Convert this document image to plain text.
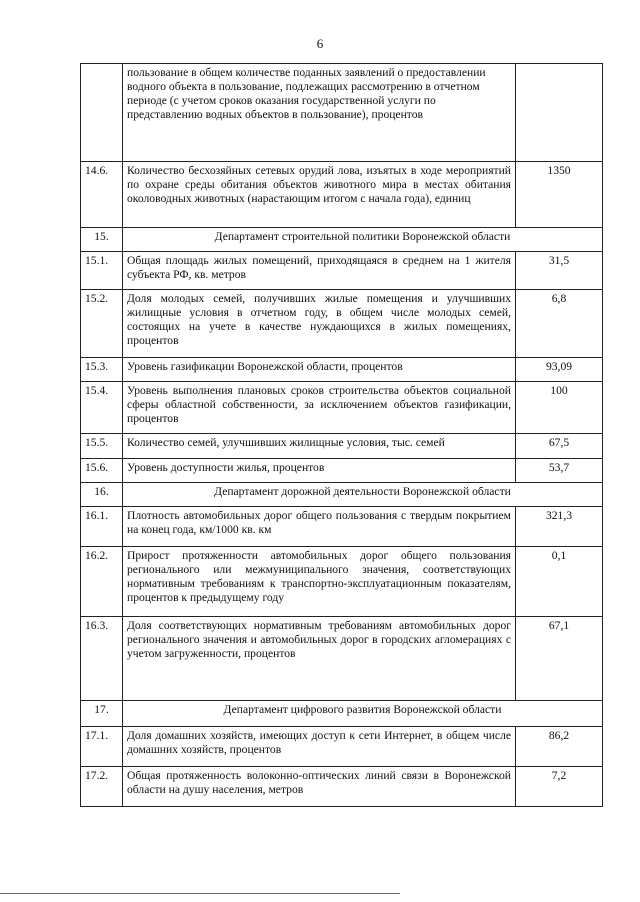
6
	пользование в общем количестве поданных заявлений о предоставлении водного объекта в пользование, подлежащих рассмотрению в отчетном периоде (с учетом сроков оказания государственной услуги по представлению водных объектов в пользование), процентов	
14.6.	Количество бесхозяйных сетевых орудий лова, изъятых в ходе мероприятий по охране среды обитания объектов животного мира в местах обитания околоводных животных (нарастающим итогом с начала года), единиц	1350
15.	Департамент строительной политики Воронежской области	
15.1.	Общая площадь жилых помещений, приходящаяся в среднем на 1 жителя субъекта РФ, кв. метров	31,5
15.2.	Доля молодых семей, получивших жилые помещения и улучшивших жилищные условия в отчетном году, в общем числе молодых семей, состоящих на учете в качестве нуждающихся в жилых помещениях, процентов	6,8
15.3.	Уровень газификации Воронежской области, процентов	93,09
15.4.	Уровень выполнения плановых сроков строительства объектов социальной сферы областной собственности, за исключением объектов газификации, процентов	100
15.5.	Количество семей, улучшивших жилищные условия, тыс. семей	67,5
15.6.	Уровень доступности жилья, процентов	53,7
16.	Департамент дорожной деятельности Воронежской области	
16.1.	Плотность автомобильных дорог общего пользования с твердым покрытием на конец года, км/1000 кв. км	321,3
16.2.	Прирост протяженности автомобильных дорог общего пользования регионального или межмуниципального значения, соответствующих нормативным требованиям к транспортно-эксплуатационным показателям, процентов к предыдущему году	0,1
16.3.	Доля соответствующих нормативным требованиям автомобильных дорог регионального значения и автомобильных дорог в городских агломерациях с учетом загруженности, процентов	67,1
17.	Департамент цифрового развития Воронежской области	
17.1.	Доля домашних хозяйств, имеющих доступ к сети Интернет, в общем числе домашних хозяйств, процентов	86,2
17.2.	Общая протяженность волоконно-оптических линий связи в Воронежской области на душу населения, метров	7,2
